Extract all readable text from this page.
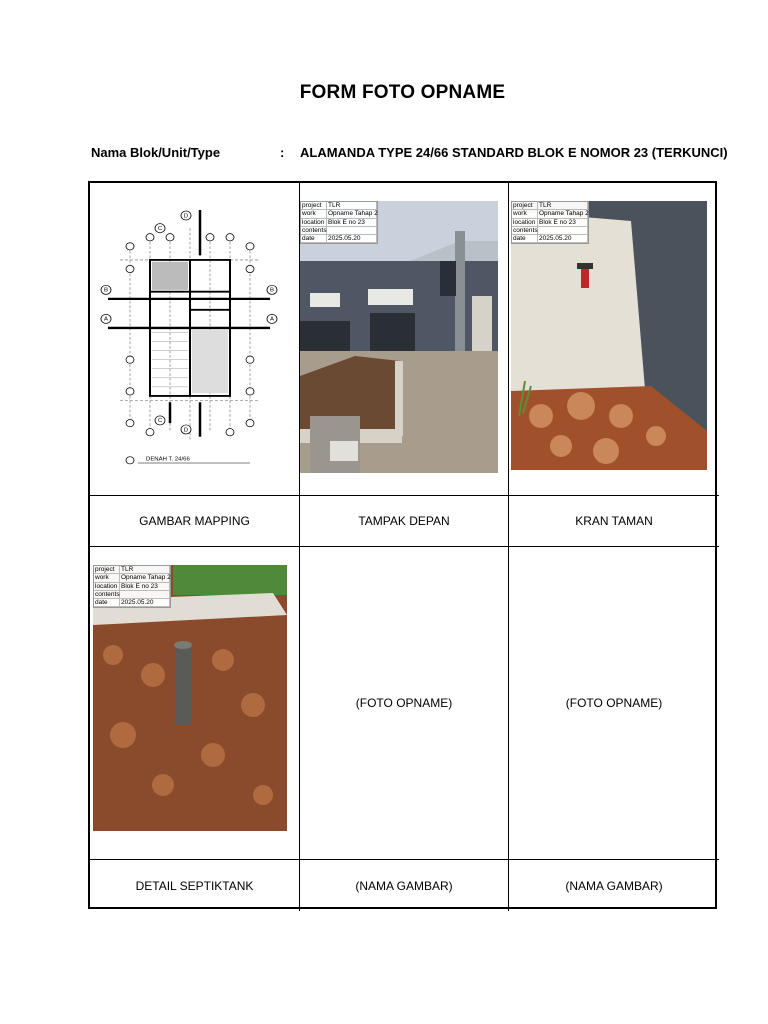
FORM FOTO OPNAME
Nama Blok/Unit/Type	: ALAMANDA TYPE 24/66 STANDARD BLOK E NOMOR 23 (TERKUNCI)
B	B
A	A
C
D
C
D
DENAH T. 24/66
project TLR
work	Opname Tahap 2
location Blok E no 23
contents
date	2025.05.20
project TLR
work	Opname Tahap 2
location Blok E no 23
contents
date	2025.05.20
GAMBAR MAPPING	TAMPAK DEPAN	KRAN TAMAN
project TLR
work	Opname Tahap 2
location Blok E no 23
contents
date	2025.05.20
(FOTO OPNAME)	(FOTO OPNAME)
DETAIL SEPTIKTANK	(NAMA GAMBAR)	(NAMA GAMBAR)
